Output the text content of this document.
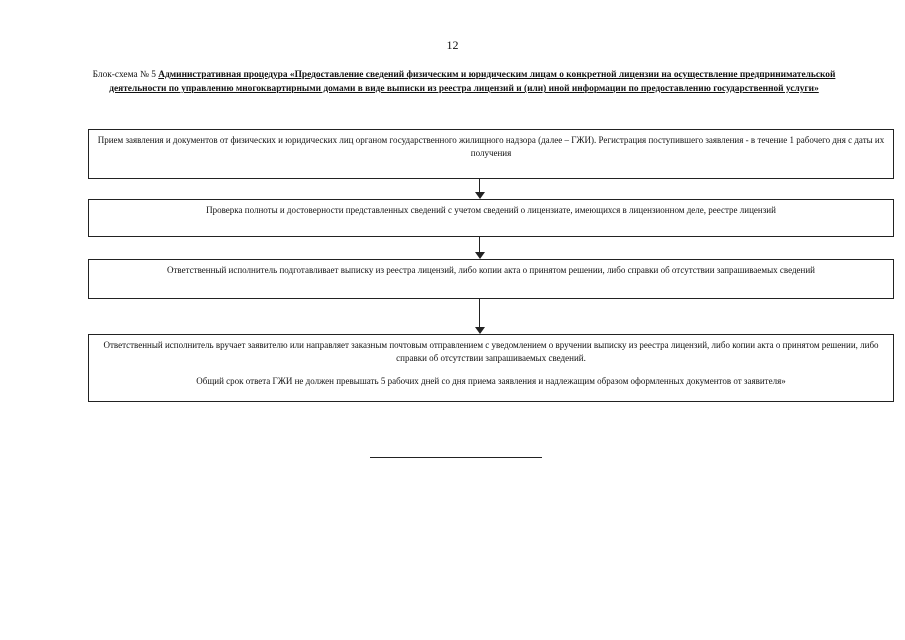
12
Блок-схема № 5 Административная процедура «Предоставление сведений физическим и юридическим лицам о конкретной лицензии на осуществление предпринимательской деятельности по управлению многоквартирными домами в виде выписки из реестра лицензий и (или) иной информации по предоставлению государственной услуги»
Прием заявления и документов от физических и юридических лиц органом государственного жилищного надзора (далее – ГЖИ). Регистрация поступившего заявления - в течение 1 рабочего дня с даты их получения
Проверка полноты и достоверности представленных сведений с учетом сведений о лицензиате, имеющихся в лицензионном деле, реестре лицензий
Ответственный исполнитель подготавливает выписку из реестра лицензий, либо копии акта о принятом решении, либо справки об отсутствии запрашиваемых сведений
Ответственный исполнитель вручает заявителю или направляет заказным почтовым отправлением с уведомлением о вручении выписку из реестра лицензий, либо копии акта о принятом решении, либо справки об отсутствии запрашиваемых сведений.
Общий срок ответа ГЖИ не должен превышать 5 рабочих дней со дня приема заявления и надлежащим образом оформленных документов от заявителя»
